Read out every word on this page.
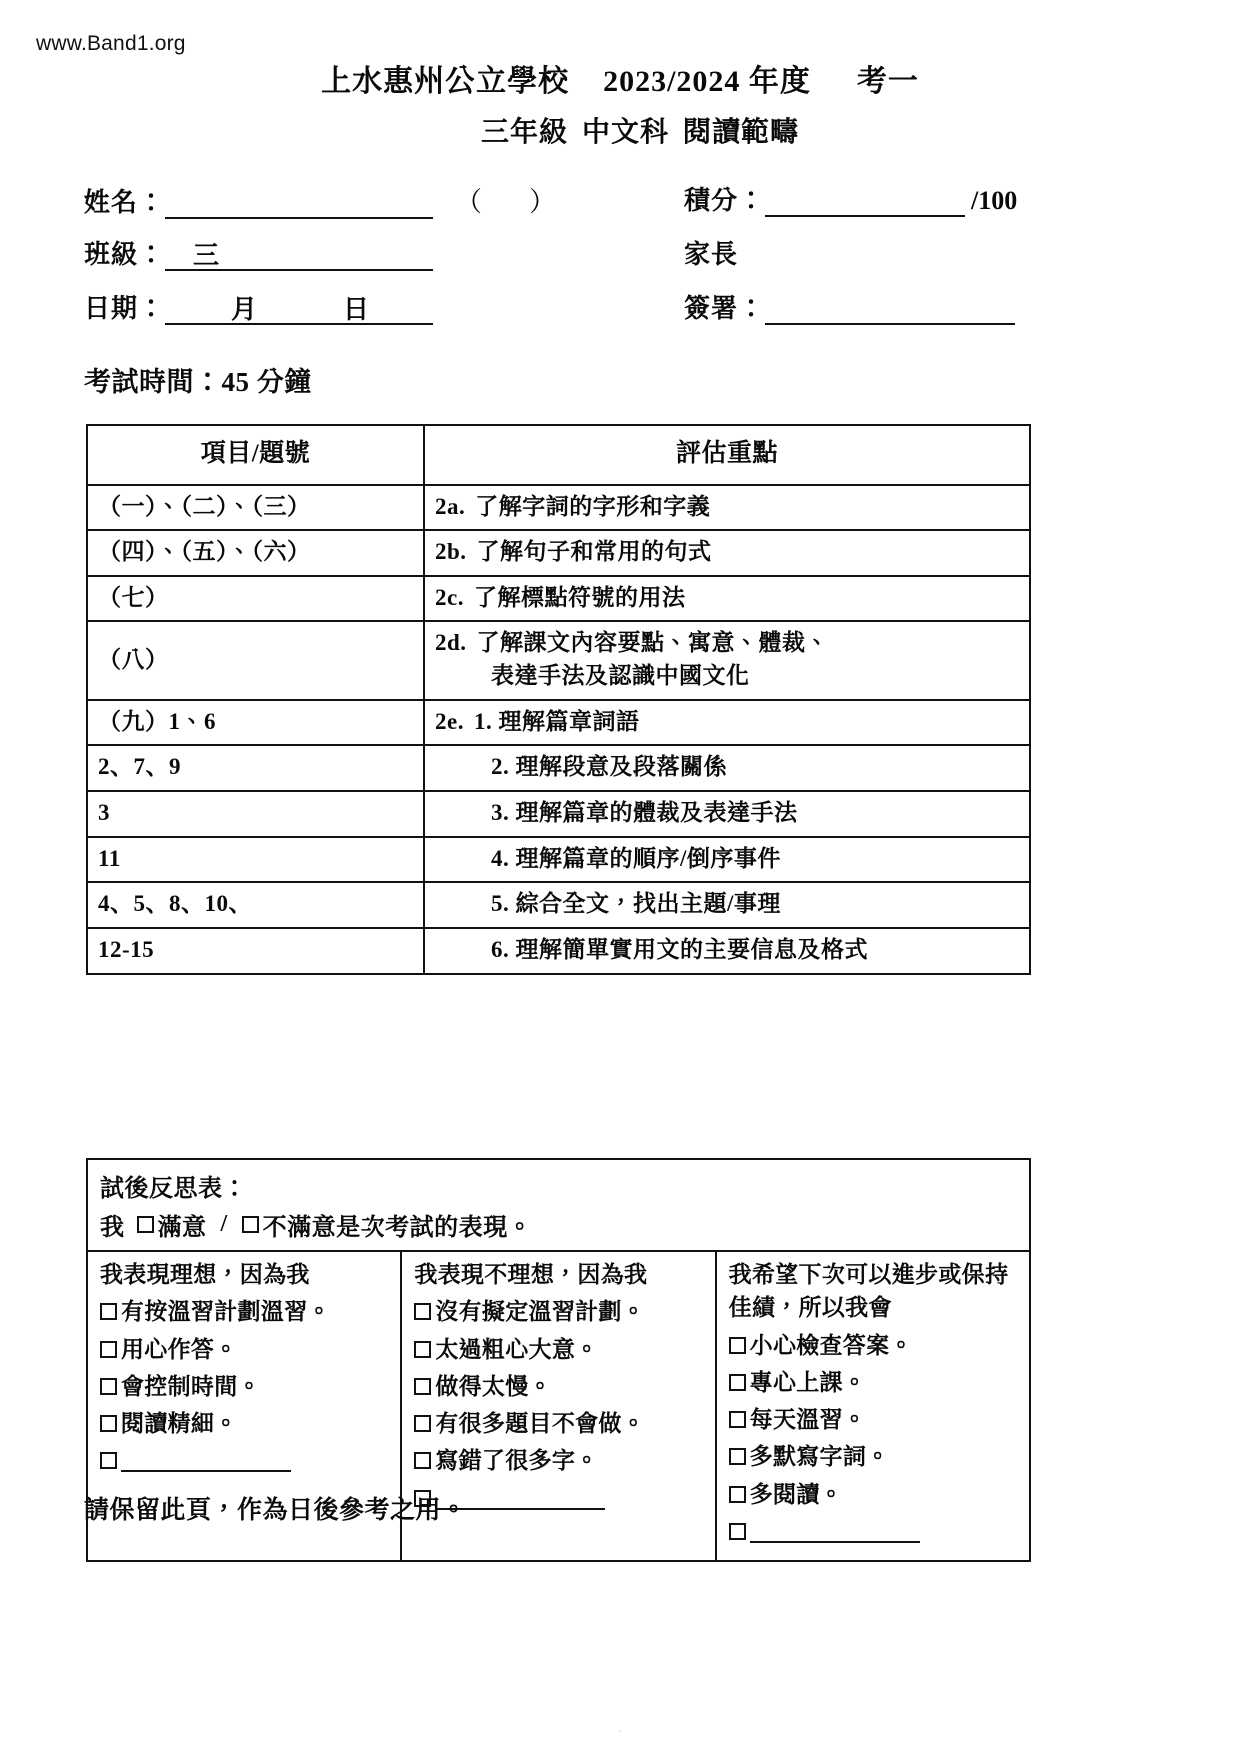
www.Band1.org
上水惠州公立學校 2023/2024 年度 考一
三年級 中文科 閱讀範疇
姓名：	（　）	積分：	/100
班級： 三	家長
日期：	月	日	簽署：
考試時間：45 分鐘
項目/題號	評估重點
（一）、（二）、（三）	2a. 了解字詞的字形和字義
（四）、（五）、（六）	2b. 了解句子和常用的句式
（七）	2c. 了解標點符號的用法
（八）	2d. 了解課文內容要點、寓意、體裁、
表達手法及認識中國文化

（九）1、6	2e. 1. 理解篇章詞語
2、7、9	2. 理解段意及段落關係
3	3. 理解篇章的體裁及表達手法
11	4. 理解篇章的順序/倒序事件
4、5、8、10、	5. 綜合全文，找出主題/事理
12-15	6. 理解簡單實用文的主要信息及格式
試後反思表：
我 滿意 / 不滿意是次考試的表現。
我表現理想，因為我
有按溫習計劃溫習。
用心作答。
會控制時間。
閱讀精細。
我表現不理想，因為我
沒有擬定溫習計劃。
太過粗心大意。
做得太慢。
有很多題目不會做。
寫錯了很多字。
我希望下次可以進步或保持
佳績，所以我會
小心檢查答案。
專心上課。
每天溫習。
多默寫字詞。
多閱讀。
請保留此頁，作為日後參考之用。
.
